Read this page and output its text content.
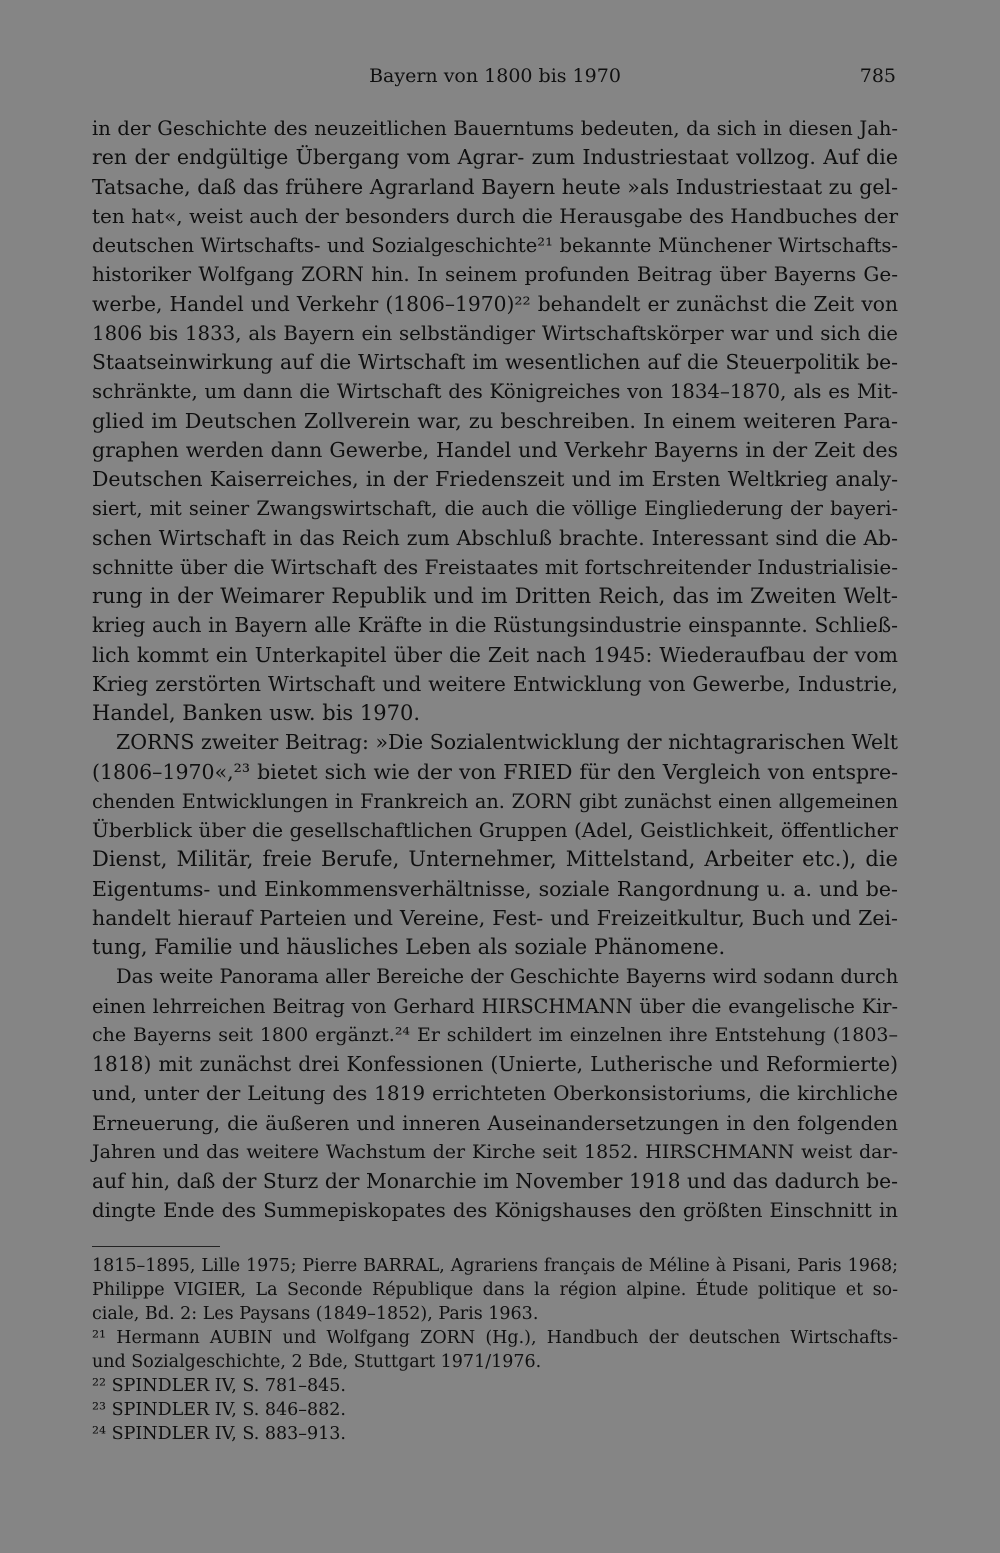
Bayern von 1800 bis 1970	785
in der Geschichte des neuzeitlichen Bauerntums bedeuten, da sich in diesen Jah-
ren der endgültige Übergang vom Agrar- zum Industriestaat vollzog. Auf die
Tatsache, daß das frühere Agrarland Bayern heute »als Industriestaat zu gel-
ten hat«, weist auch der besonders durch die Herausgabe des Handbuches der
deutschen Wirtschafts- und Sozialgeschichte²¹ bekannte Münchener Wirtschafts-
historiker Wolfgang ZORN hin. In seinem profunden Beitrag über Bayerns Ge-
werbe, Handel und Verkehr (1806–1970)²² behandelt er zunächst die Zeit von
1806 bis 1833, als Bayern ein selbständiger Wirtschaftskörper war und sich die
Staatseinwirkung auf die Wirtschaft im wesentlichen auf die Steuerpolitik be-
schränkte, um dann die Wirtschaft des Königreiches von 1834–1870, als es Mit-
glied im Deutschen Zollverein war, zu beschreiben. In einem weiteren Para-
graphen werden dann Gewerbe, Handel und Verkehr Bayerns in der Zeit des
Deutschen Kaiserreiches, in der Friedenszeit und im Ersten Weltkrieg analy-
siert, mit seiner Zwangswirtschaft, die auch die völlige Eingliederung der bayeri-
schen Wirtschaft in das Reich zum Abschluß brachte. Interessant sind die Ab-
schnitte über die Wirtschaft des Freistaates mit fortschreitender Industrialisie-
rung in der Weimarer Republik und im Dritten Reich, das im Zweiten Welt-
krieg auch in Bayern alle Kräfte in die Rüstungsindustrie einspannte. Schließ-
lich kommt ein Unterkapitel über die Zeit nach 1945: Wiederaufbau der vom
Krieg zerstörten Wirtschaft und weitere Entwicklung von Gewerbe, Industrie,
Handel, Banken usw. bis 1970.
ZORNS zweiter Beitrag: »Die Sozialentwicklung der nichtagrarischen Welt
(1806–1970«,²³ bietet sich wie der von FRIED für den Vergleich von entspre-
chenden Entwicklungen in Frankreich an. ZORN gibt zunächst einen allgemeinen
Überblick über die gesellschaftlichen Gruppen (Adel, Geistlichkeit, öffentlicher
Dienst, Militär, freie Berufe, Unternehmer, Mittelstand, Arbeiter etc.), die
Eigentums- und Einkommensverhältnisse, soziale Rangordnung u. a. und be-
handelt hierauf Parteien und Vereine, Fest- und Freizeitkultur, Buch und Zei-
tung, Familie und häusliches Leben als soziale Phänomene.
Das weite Panorama aller Bereiche der Geschichte Bayerns wird sodann durch
einen lehrreichen Beitrag von Gerhard HIRSCHMANN über die evangelische Kir-
che Bayerns seit 1800 ergänzt.²⁴ Er schildert im einzelnen ihre Entstehung (1803–
1818) mit zunächst drei Konfessionen (Unierte, Lutherische und Reformierte)
und, unter der Leitung des 1819 errichteten Oberkonsistoriums, die kirchliche
Erneuerung, die äußeren und inneren Auseinandersetzungen in den folgenden
Jahren und das weitere Wachstum der Kirche seit 1852. HIRSCHMANN weist dar-
auf hin, daß der Sturz der Monarchie im November 1918 und das dadurch be-
dingte Ende des Summepiskopates des Königshauses den größten Einschnitt in
1815–1895, Lille 1975; Pierre BARRAL, Agrariens français de Méline à Pisani, Paris 1968;
Philippe VIGIER, La Seconde République dans la région alpine. Étude politique et so-
ciale, Bd. 2: Les Paysans (1849–1852), Paris 1963.
²¹ Hermann AUBIN und Wolfgang ZORN (Hg.), Handbuch der deutschen Wirtschafts-
und Sozialgeschichte, 2 Bde, Stuttgart 1971/1976.
²² SPINDLER IV, S. 781–845.
²³ SPINDLER IV, S. 846–882.
²⁴ SPINDLER IV, S. 883–913.
